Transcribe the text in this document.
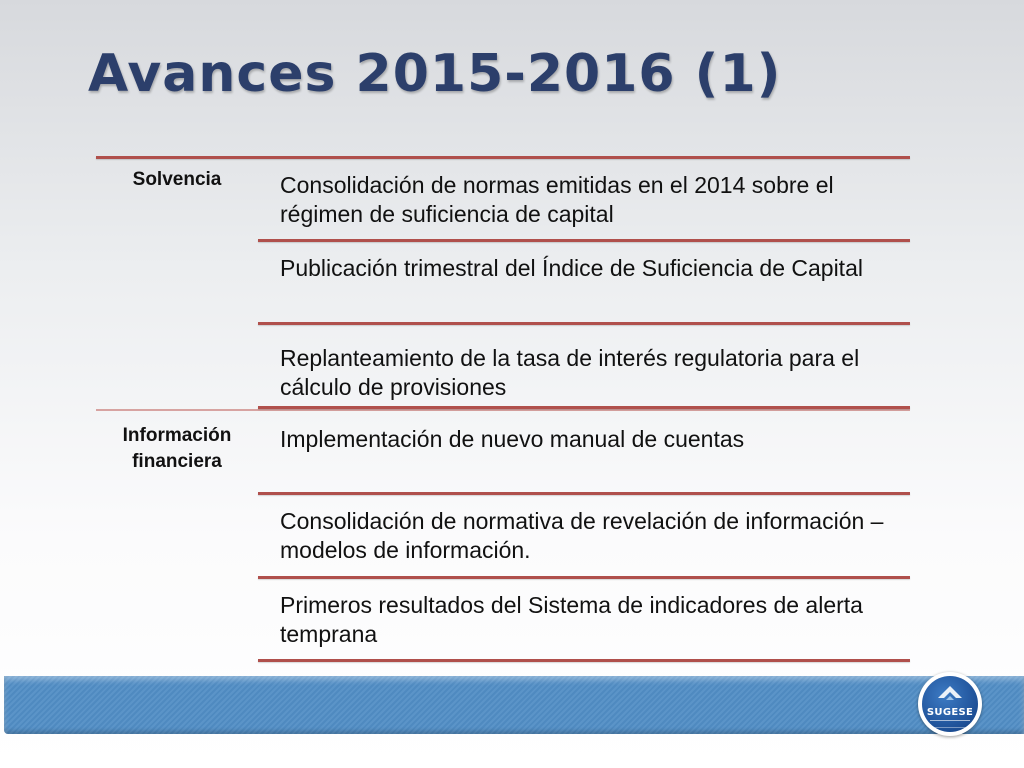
Avances 2015-2016 (1)
Solvencia
Información financiera
Consolidación de normas emitidas en el 2014 sobre el régimen de suficiencia de capital
Publicación trimestral del Índice de Suficiencia de Capital
Replanteamiento de la tasa de interés regulatoria para el cálculo de provisiones
Implementación de nuevo manual de cuentas
Consolidación de normativa de revelación de información – modelos de información.
Primeros resultados del Sistema de indicadores de alerta temprana
SUGESE
